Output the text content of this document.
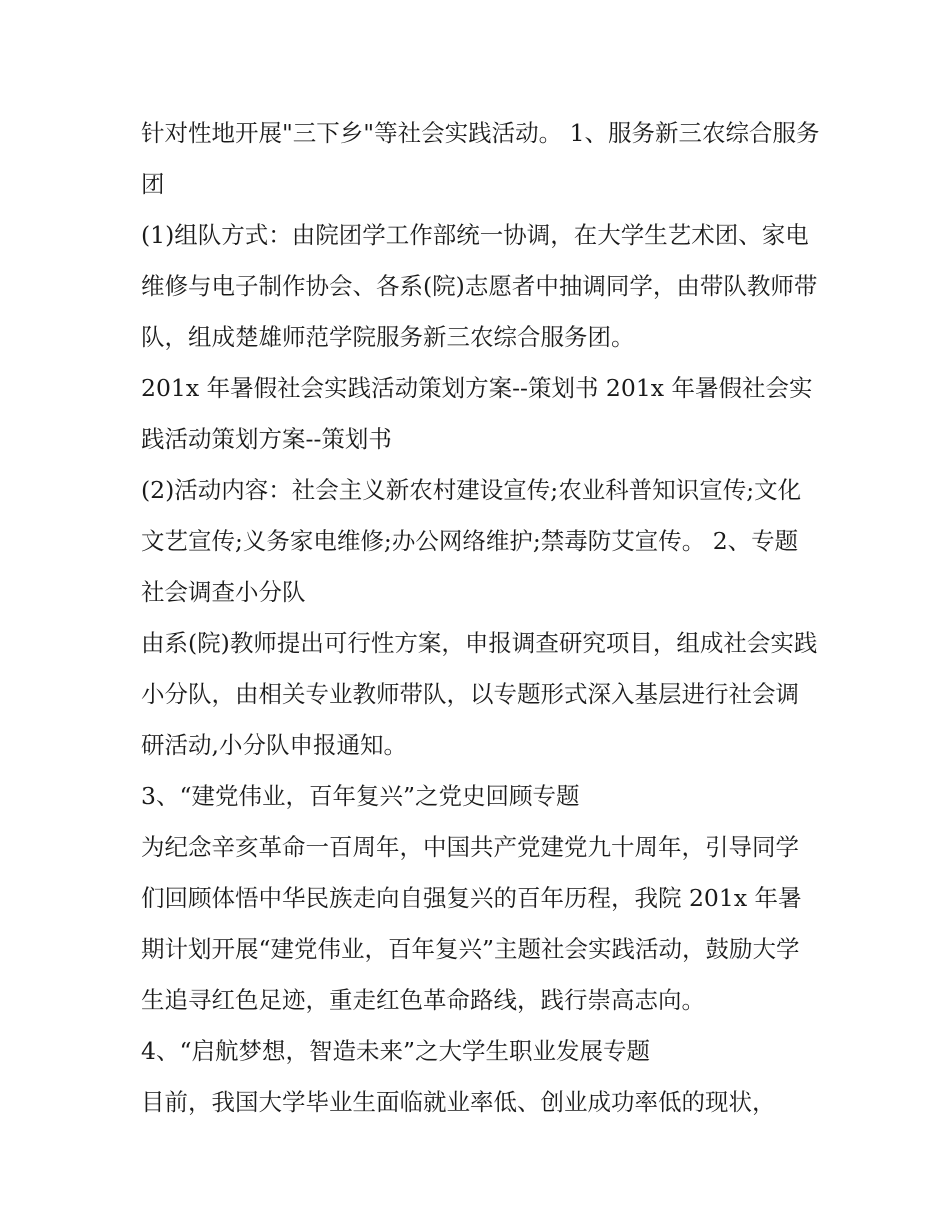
针对性地开展"三下乡"等社会实践活动。 1、服务新三农综合服务团

(1)组队方式：由院团学工作部统一协调，在大学生艺术团、家电维修与电子制作协会、各系(院)志愿者中抽调同学，由带队教师带队，组成楚雄师范学院服务新三农综合服务团。

201x 年暑假社会实践活动策划方案--策划书 201x 年暑假社会实践活动策划方案--策划书

(2)活动内容：社会主义新农村建设宣传;农业科普知识宣传;文化文艺宣传;义务家电维修;办公网络维护;禁毒防艾宣传。 2、专题社会调查小分队

由系(院)教师提出可行性方案，申报调查研究项目，组成社会实践小分队，由相关专业教师带队，以专题形式深入基层进行社会调研活动,小分队申报通知。

3、“建党伟业，百年复兴”之党史回顾专题

为纪念辛亥革命一百周年，中国共产党建党九十周年，引导同学们回顾体悟中华民族走向自强复兴的百年历程，我院 201x 年暑期计划开展“建党伟业，百年复兴”主题社会实践活动，鼓励大学生追寻红色足迹，重走红色革命路线，践行崇高志向。

4、“启航梦想，智造未来”之大学生职业发展专题

目前，我国大学毕业生面临就业率低、创业成功率低的现状，
